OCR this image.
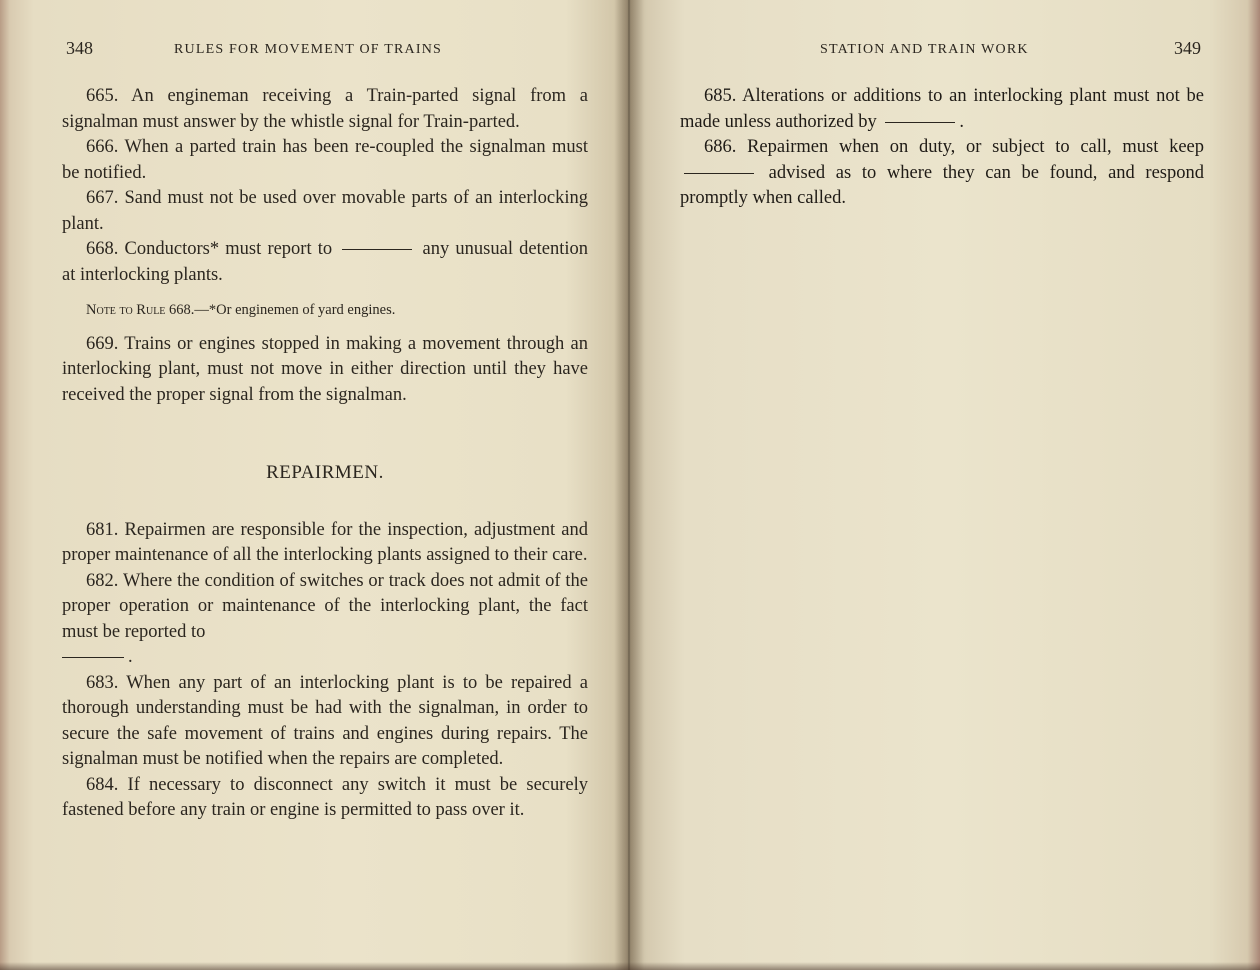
348	RULES FOR MOVEMENT OF TRAINS

665. An engineman receiving a Train-parted signal from a signalman must answer by the whistle signal for Train-parted.

666. When a parted train has been re-coupled the signalman must be notified.

667. Sand must not be used over movable parts of an interlocking plant.

668. Conductors* must report to	any unusual detention at interlocking plants.

Note to Rule 668.—*Or enginemen of yard engines.

669. Trains or engines stopped in making a movement through an interlocking plant, must not move in either direction until they have received the proper signal from the signalman.

REPAIRMEN.

681. Repairmen are responsible for the inspection, adjustment and proper maintenance of all the interlocking plants assigned to their care.

682. Where the condition of switches or track does not admit of the proper operation or maintenance of the interlocking plant, the fact must be reported to
.

683. When any part of an interlocking plant is to be repaired a thorough understanding must be had with the signalman, in order to secure the safe movement of trains and engines during repairs. The signalman must be notified when the repairs are completed.

684. If necessary to disconnect any switch it must be securely fastened before any train or engine is permitted to pass over it.

STATION AND TRAIN WORK	349

685. Alterations or additions to an interlocking plant must not be made unless authorized by	.

686. Repairmen when on duty, or subject to call, must keep  advised as to where they can be found, and respond promptly when called.
